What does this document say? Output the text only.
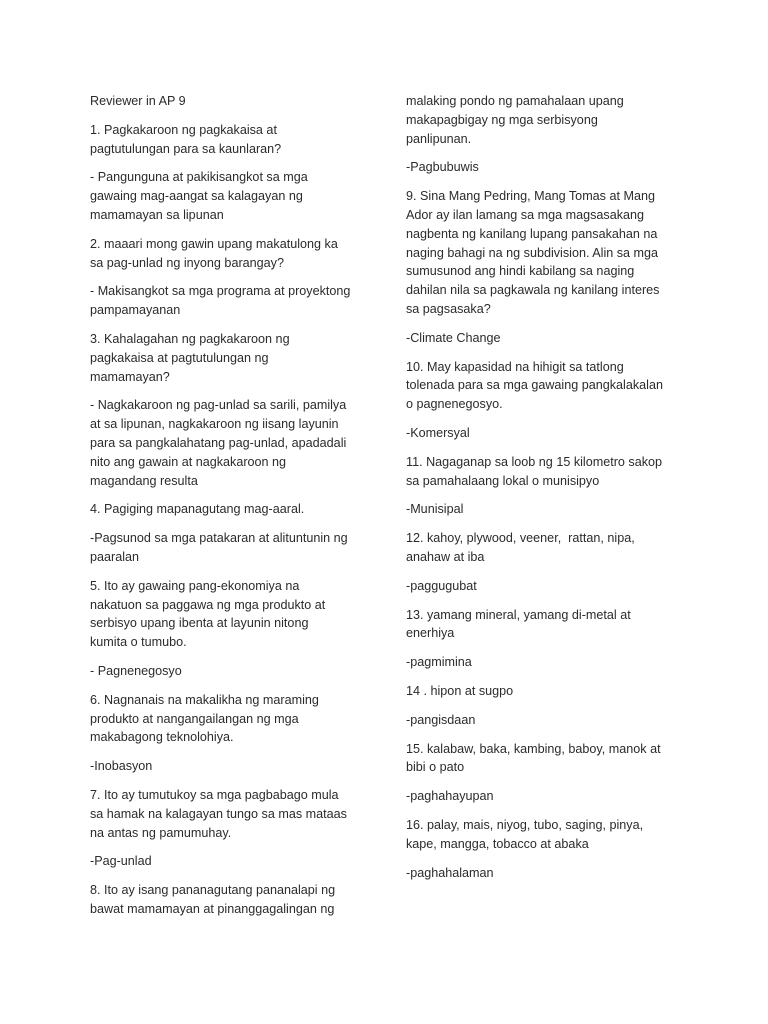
Reviewer in AP 9

1. Pagkakaroon ng pagkakaisa at
pagtutulungan para sa kaunlaran?

- Pangunguna at pakikisangkot sa mga
gawaing mag-aangat sa kalagayan ng
mamamayan sa lipunan

2. maaari mong gawin upang makatulong ka
sa pag-unlad ng inyong barangay?

- Makisangkot sa mga programa at proyektong
pampamayanan

3. Kahalagahan ng pagkakaroon ng
pagkakaisa at pagtutulungan ng
mamamayan?

- Nagkakaroon ng pag-unlad sa sarili, pamilya
at sa lipunan, nagkakaroon ng iisang layunin
para sa pangkalahatang pag-unlad, apadadali
nito ang gawain at nagkakaroon ng
magandang resulta

4. Pagiging mapanagutang mag-aaral.

-Pagsunod sa mga patakaran at alituntunin ng
paaralan

5. Ito ay gawaing pang-ekonomiya na
nakatuon sa paggawa ng mga produkto at
serbisyo upang ibenta at layunin nitong
kumita o tumubo.

- Pagnenegosyo

6. Nagnanais na makalikha ng maraming
produkto at nangangailangan ng mga
makabagong teknolohiya.

-Inobasyon

7. Ito ay tumutukoy sa mga pagbabago mula
sa hamak na kalagayan tungo sa mas mataas
na antas ng pamumuhay.

-Pag-unlad

8. Ito ay isang pananagutang pananalapi ng
bawat mamamayan at pinanggagalingan ng

malaking pondo ng pamahalaan upang
makapagbigay ng mga serbisyong
panlipunan.

-Pagbubuwis

9. Sina Mang Pedring, Mang Tomas at Mang
Ador ay ilan lamang sa mga magsasakang
nagbenta ng kanilang lupang pansakahan na
naging bahagi na ng subdivision. Alin sa mga
sumusunod ang hindi kabilang sa naging
dahilan nila sa pagkawala ng kanilang interes
sa pagsasaka?

-Climate Change

10. May kapasidad na hihigit sa tatlong
tolenada para sa mga gawaing pangkalakalan
o pagnenegosyo.

-Komersyal

11. Nagaganap sa loob ng 15 kilometro sakop
sa pamahalaang lokal o munisipyo

-Munisipal

12. kahoy, plywood, veener,  rattan, nipa,
anahaw at iba

-paggugubat

13. yamang mineral, yamang di-metal at
enerhiya

-pagmimina

14 . hipon at sugpo

-pangisdaan

15. kalabaw, baka, kambing, baboy, manok at
bibi o pato

-paghahayupan

16. palay, mais, niyog, tubo, saging, pinya,
kape, mangga, tobacco at abaka

-paghahalaman
